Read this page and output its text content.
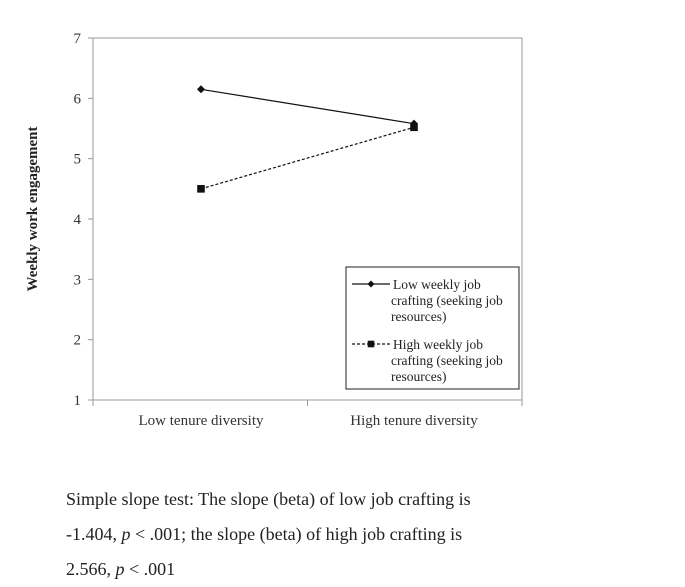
1
2
3
4
5
6
7
Low tenure diversity	High tenure diversity
Weekly work engagement	Low weekly job
crafting (seeking job
resources)
High weekly job
crafting (seeking job
resources)

Simple slope test: The slope (beta) of low job crafting is

-1.404, p < .001; the slope (beta) of high job crafting is

2.566, p < .001
